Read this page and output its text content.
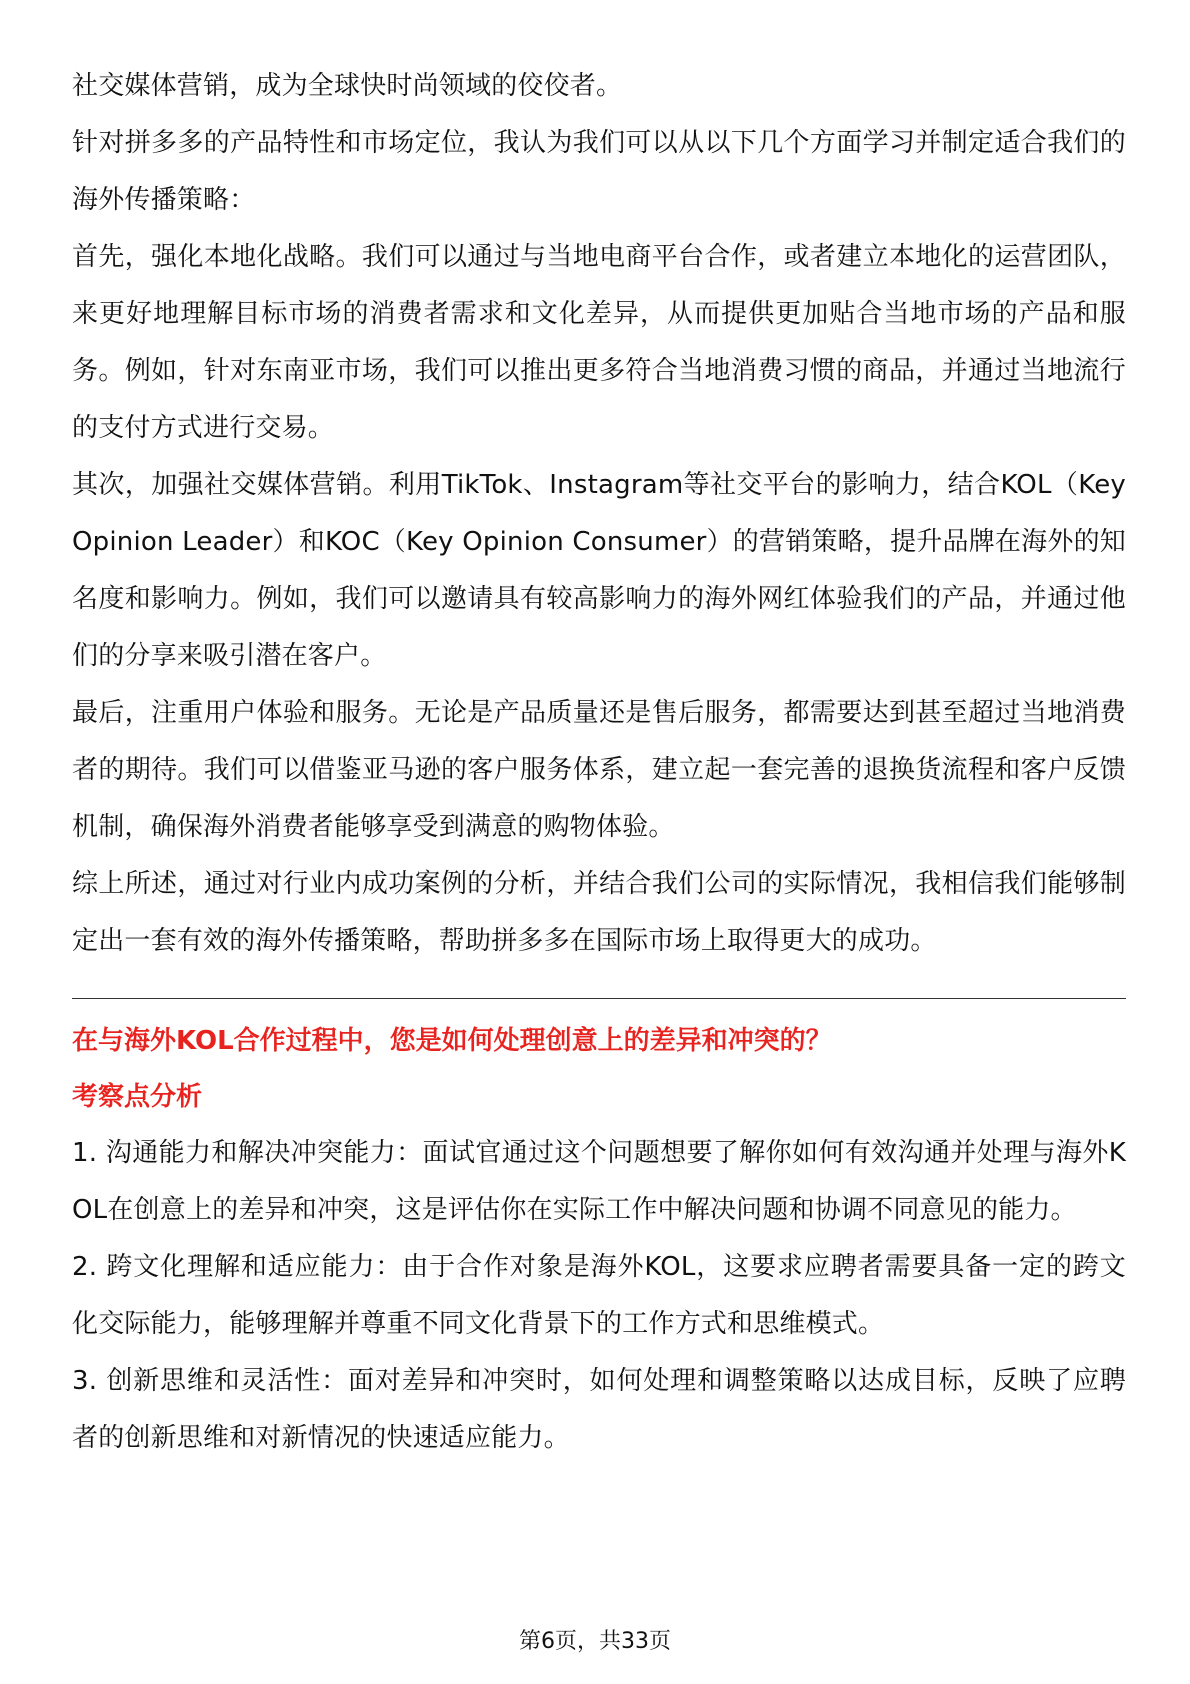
社交媒体营销，成为全球快时尚领域的佼佼者。

针对拼多多的产品特性和市场定位，我认为我们可以从以下几个方面学习并制定适合我们的海外传播策略：

首先，强化本地化战略。我们可以通过与当地电商平台合作，或者建立本地化的运营团队，来更好地理解目标市场的消费者需求和文化差异，从而提供更加贴合当地市场的产品和服务。例如，针对东南亚市场，我们可以推出更多符合当地消费习惯的商品，并通过当地流行的支付方式进行交易。

其次，加强社交媒体营销。利用TikTok、Instagram等社交平台的影响力，结合KOL（Key Opinion Leader）和KOC（Key Opinion Consumer）的营销策略，提升品牌在海外的知名度和影响力。例如，我们可以邀请具有较高影响力的海外网红体验我们的产品，并通过他们的分享来吸引潜在客户。

最后，注重用户体验和服务。无论是产品质量还是售后服务，都需要达到甚至超过当地消费者的期待。我们可以借鉴亚马逊的客户服务体系，建立起一套完善的退换货流程和客户反馈机制，确保海外消费者能够享受到满意的购物体验。

综上所述，通过对行业内成功案例的分析，并结合我们公司的实际情况，我相信我们能够制定出一套有效的海外传播策略，帮助拼多多在国际市场上取得更大的成功。

在与海外KOL合作过程中，您是如何处理创意上的差异和冲突的？

考察点分析

1. 沟通能力和解决冲突能力：面试官通过这个问题想要了解你如何有效沟通并处理与海外KOL在创意上的差异和冲突，这是评估你在实际工作中解决问题和协调不同意见的能力。

2. 跨文化理解和适应能力：由于合作对象是海外KOL，这要求应聘者需要具备一定的跨文化交际能力，能够理解并尊重不同文化背景下的工作方式和思维模式。

3. 创新思维和灵活性：面对差异和冲突时，如何处理和调整策略以达成目标，反映了应聘者的创新思维和对新情况的快速适应能力。

第6页，共33页
